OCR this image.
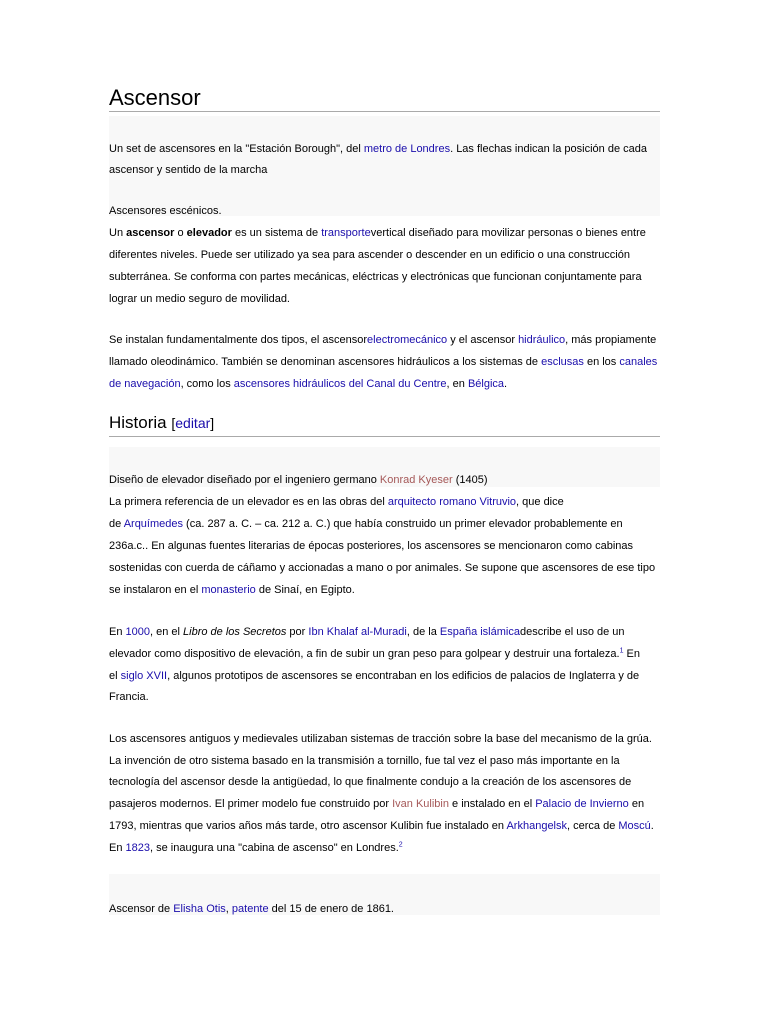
Ascensor
Un set de ascensores en la "Estación Borough", del metro de Londres. Las flechas indican la posición de cada
ascensor y sentido de la marcha
Ascensores escénicos.
Un ascensor o elevador es un sistema de transportevertical diseñado para movilizar personas o bienes entre
diferentes niveles. Puede ser utilizado ya sea para ascender o descender en un edificio o una construcción
subterránea. Se conforma con partes mecánicas, eléctricas y electrónicas que funcionan conjuntamente para
lograr un medio seguro de movilidad.
Se instalan fundamentalmente dos tipos, el ascensorelectromecánico y el ascensor hidráulico, más propiamente
llamado oleodinámico. También se denominan ascensores hidráulicos a los sistemas de esclusas en los canales
de navegación, como los ascensores hidráulicos del Canal du Centre, en Bélgica.
Historia [editar]
Diseño de elevador diseñado por el ingeniero germano Konrad Kyeser (1405)
La primera referencia de un elevador es en las obras del arquitecto romano Vitruvio, que dice
de Arquímedes (ca. 287 a. C. – ca. 212 a. C.) que había construido un primer elevador probablemente en
236a.c.. En algunas fuentes literarias de épocas posteriores, los ascensores se mencionaron como cabinas
sostenidas con cuerda de cáñamo y accionadas a mano o por animales. Se supone que ascensores de ese tipo
se instalaron en el monasterio de Sinaí, en Egipto.
En 1000, en el Libro de los Secretos por Ibn Khalaf al-Muradi, de la España islámicadescribe el uso de un
elevador como dispositivo de elevación, a fin de subir un gran peso para golpear y destruir una fortaleza.$^1$ En
el siglo XVII, algunos prototipos de ascensores se encontraban en los edificios de palacios de Inglaterra y de
Francia.
Los ascensores antiguos y medievales utilizaban sistemas de tracción sobre la base del mecanismo de la grúa.
La invención de otro sistema basado en la transmisión a tornillo, fue tal vez el paso más importante en la
tecnología del ascensor desde la antigüedad, lo que finalmente condujo a la creación de los ascensores de
pasajeros modernos. El primer modelo fue construido por Ivan Kulibin e instalado en el Palacio de Invierno en
1793, mientras que varios años más tarde, otro ascensor Kulibin fue instalado en Arkhangelsk, cerca de Moscú.
En 1823, se inaugura una "cabina de ascenso" en Londres.$^2$
Ascensor de Elisha Otis, patente del 15 de enero de 1861.
